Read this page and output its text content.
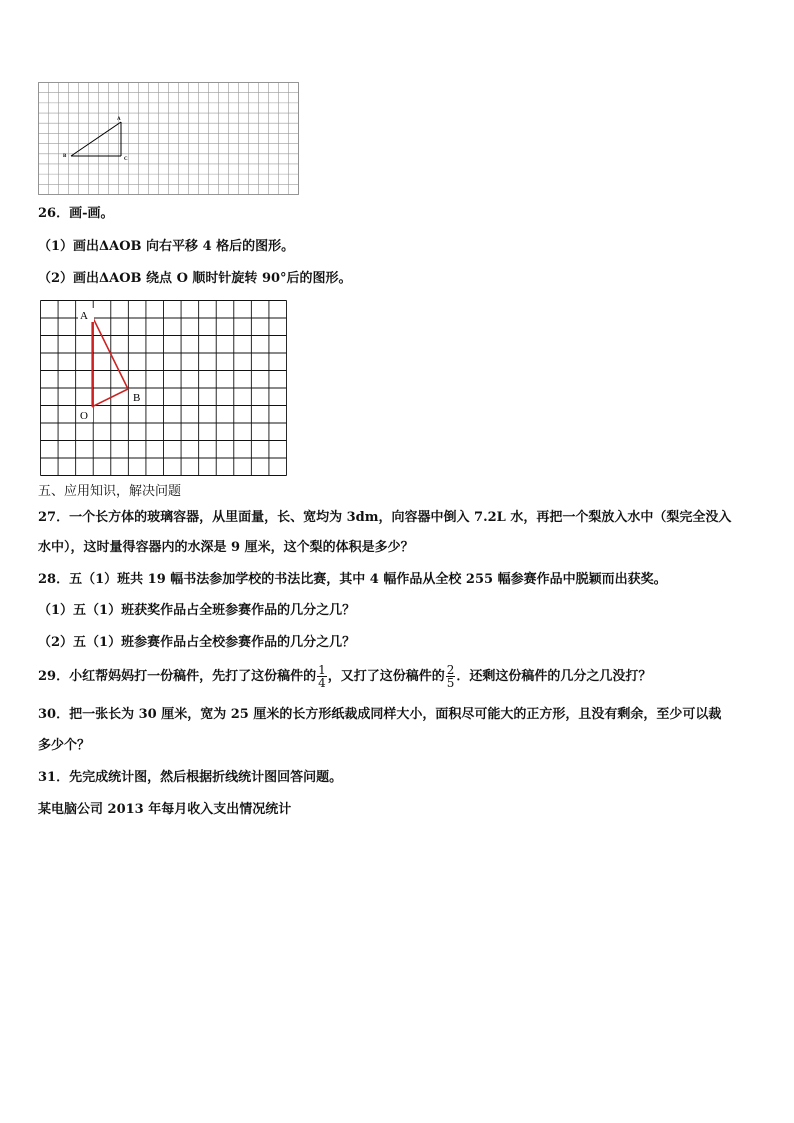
A
B
C
26．画-画。
（1）画出ΔAOB 向右平移 4 格后的图形。
（2）画出ΔAOB 绕点 O 顺时针旋转 90°后的图形。
A
B
O
五、应用知识，解决问题
27．一个长方体的玻璃容器，从里面量，长、宽均为 3dm，向容器中倒入 7.2L 水，再把一个梨放入水中（梨完全没入
水中），这时量得容器内的水深是 9 厘米，这个梨的体积是多少？
28．五（1）班共 19 幅书法参加学校的书法比赛，其中 4 幅作品从全校 255 幅参赛作品中脱颖而出获奖。
（1）五（1）班获奖作品占全班参赛作品的几分之几？
（2）五（1）班参赛作品占全校参赛作品的几分之几？
29．小红帮妈妈打一份稿件，先打了这份稿件的 $\frac{1}{4}$ ，又打了这份稿件的 $\frac{2}{5}$ ．还剩这份稿件的几分之几没打？
30．把一张长为 30 厘米，宽为 25 厘米的长方形纸裁成同样大小，面积尽可能大的正方形，且没有剩余，至少可以裁
多少个？
31．先完成统计图，然后根据折线统计图回答问题。
某电脑公司 2013 年每月收入支出情况统计
